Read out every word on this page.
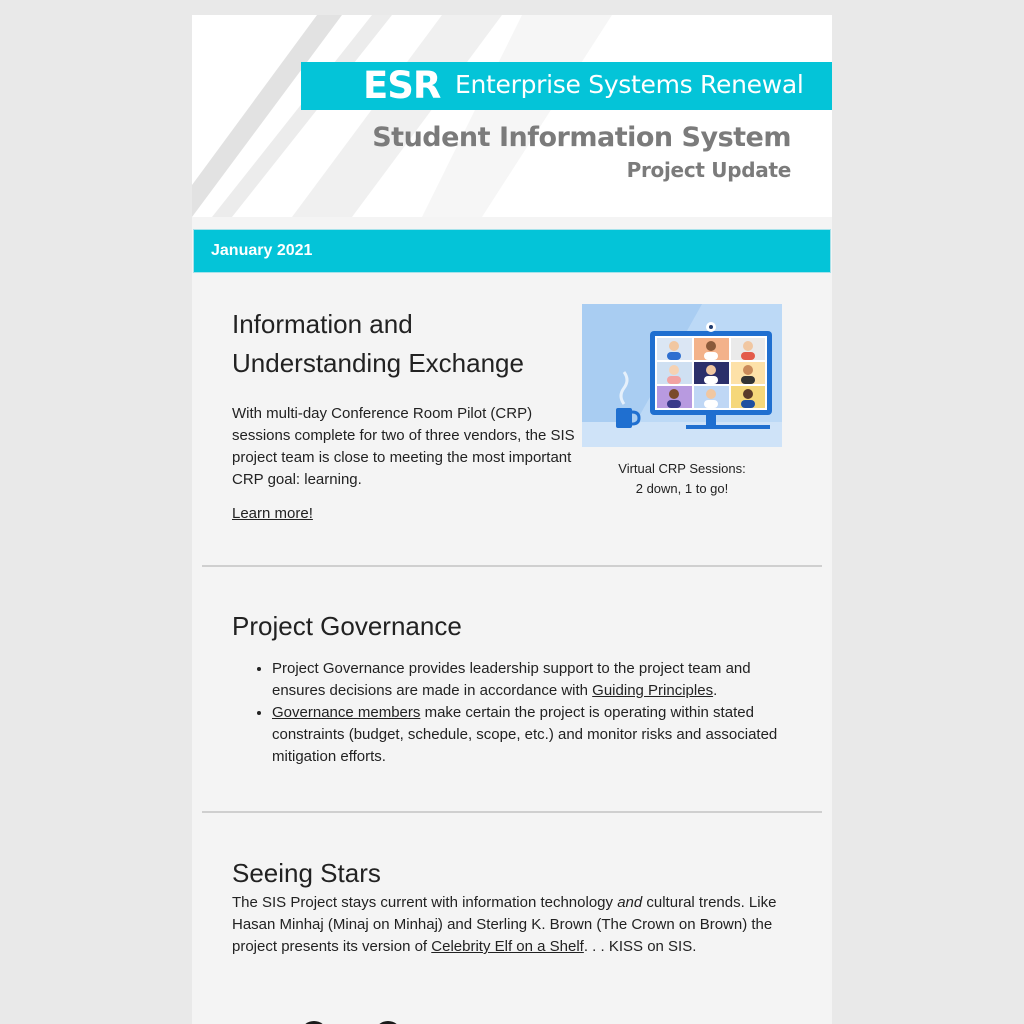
ESR Enterprise Systems Renewal
Student Information System
Project Update
January 2021
Information and
Understanding Exchange

With multi-day Conference Room Pilot (CRP) sessions complete for two of three vendors, the SIS project team is close to meeting the most important CRP goal: learning.

Learn more!
Virtual CRP Sessions:
2 down, 1 to go!
Project Governance
• Project Governance provides leadership support to the project team and ensures decisions are made in accordance with Guiding Principles.
• Governance members make certain the project is operating within stated constraints (budget, schedule, scope, etc.) and monitor risks and associated mitigation efforts.
Seeing Stars

The SIS Project stays current with information technology and cultural trends. Like Hasan Minhaj (Minaj on Minhaj) and Sterling K. Brown (The Crown on Brown) the project presents its version of Celebrity Elf on a Shelf. . . KISS on SIS.
